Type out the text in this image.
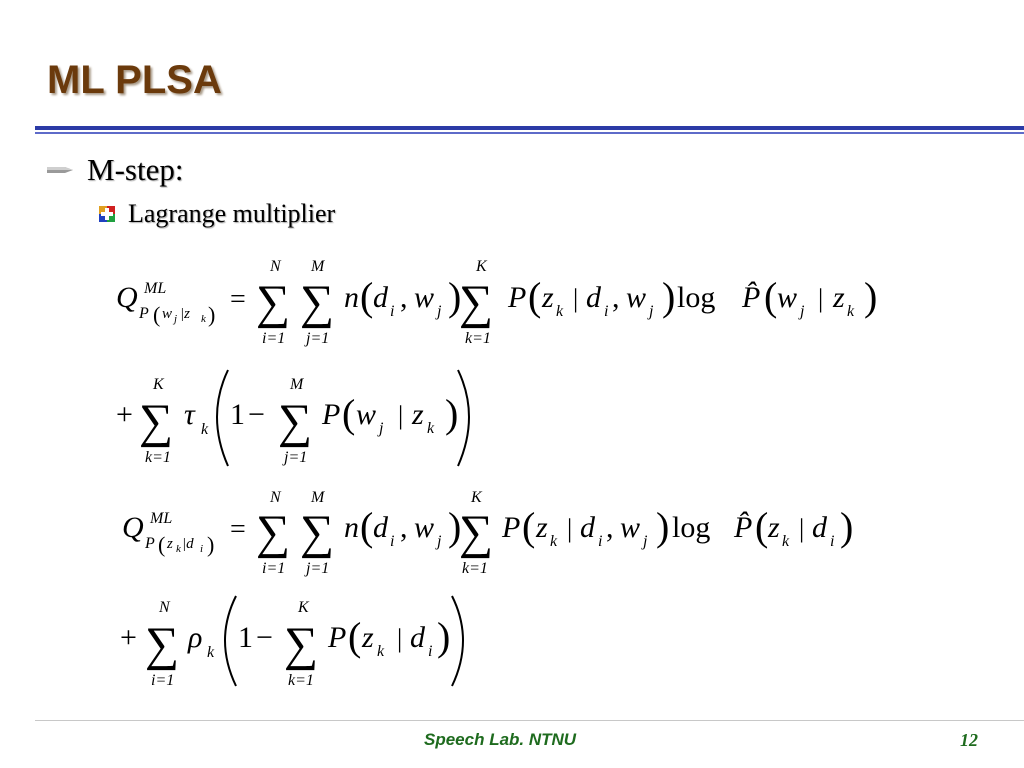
ML PLSA
M-step:
Lagrange multiplier
Q ML
P ( w j |z k ) = ∑
N
i=1
∑
M
j=1
n ( d i , w j )
∑
K
k=1
P ( z k | d i , w j ) log P̂ ( w j | z k )
+ ∑
K
k=1
τ k 1 − ∑
M
j=1
P ( w j | z k )
Q ML
P ( z k |d i ) = ∑
N
i=1
∑
M
j=1
n ( d i , w j )
∑
K
k=1
P ( z k | d i , w j ) log P̂ ( z k | d i )
+ ∑
N
i=1
ρ k 1 − ∑
K
k=1
P ( z k | d i )
Speech Lab. NTNU	12
